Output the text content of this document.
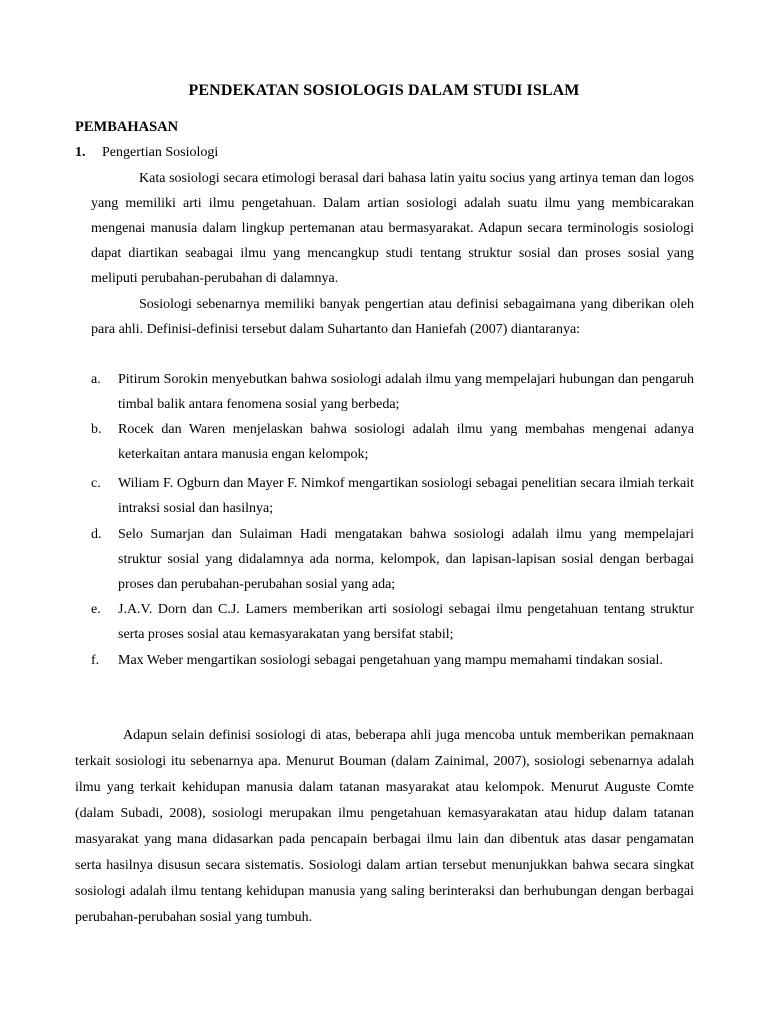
PENDEKATAN SOSIOLOGIS DALAM STUDI ISLAM
PEMBAHASAN
1. Pengertian Sosiologi
Kata sosiologi secara etimologi berasal dari bahasa latin yaitu socius yang artinya teman dan logos yang memiliki arti ilmu pengetahuan. Dalam artian sosiologi adalah suatu ilmu yang membicarakan mengenai manusia dalam lingkup pertemanan atau bermasyarakat. Adapun secara terminologis sosiologi dapat diartikan seabagai ilmu yang mencangkup studi tentang struktur sosial dan proses sosial yang meliputi perubahan-perubahan di dalamnya.
Sosiologi sebenarnya memiliki banyak pengertian atau definisi sebagaimana yang diberikan oleh para ahli. Definisi-definisi tersebut dalam Suhartanto dan Haniefah (2007) diantaranya:
a. Pitirum Sorokin menyebutkan bahwa sosiologi adalah ilmu yang mempelajari hubungan dan pengaruh timbal balik antara fenomena sosial yang berbeda;
b. Rocek dan Waren menjelaskan bahwa sosiologi adalah ilmu yang membahas mengenai adanya keterkaitan antara manusia engan kelompok;
c. Wiliam F. Ogburn dan Mayer F. Nimkof mengartikan sosiologi sebagai penelitian secara ilmiah terkait intraksi sosial dan hasilnya;
d. Selo Sumarjan dan Sulaiman Hadi mengatakan bahwa sosiologi adalah ilmu yang mempelajari struktur sosial yang didalamnya ada norma, kelompok, dan lapisan-lapisan sosial dengan berbagai proses dan perubahan-perubahan sosial yang ada;
e. J.A.V. Dorn dan C.J. Lamers memberikan arti sosiologi sebagai ilmu pengetahuan tentang struktur serta proses sosial atau kemasyarakatan yang bersifat stabil;
f. Max Weber mengartikan sosiologi sebagai pengetahuan yang mampu memahami tindakan sosial.
Adapun selain definisi sosiologi di atas, beberapa ahli juga mencoba untuk memberikan pemaknaan terkait sosiologi itu sebenarnya apa. Menurut Bouman (dalam Zainimal, 2007), sosiologi sebenarnya adalah ilmu yang terkait kehidupan manusia dalam tatanan masyarakat atau kelompok. Menurut Auguste Comte (dalam Subadi, 2008), sosiologi merupakan ilmu pengetahuan kemasyarakatan atau hidup dalam tatanan masyarakat yang mana didasarkan pada pencapain berbagai ilmu lain dan dibentuk atas dasar pengamatan serta hasilnya disusun secara sistematis. Sosiologi dalam artian tersebut menunjukkan bahwa secara singkat sosiologi adalah ilmu tentang kehidupan manusia yang saling berinteraksi dan berhubungan dengan berbagai perubahan-perubahan sosial yang tumbuh.
